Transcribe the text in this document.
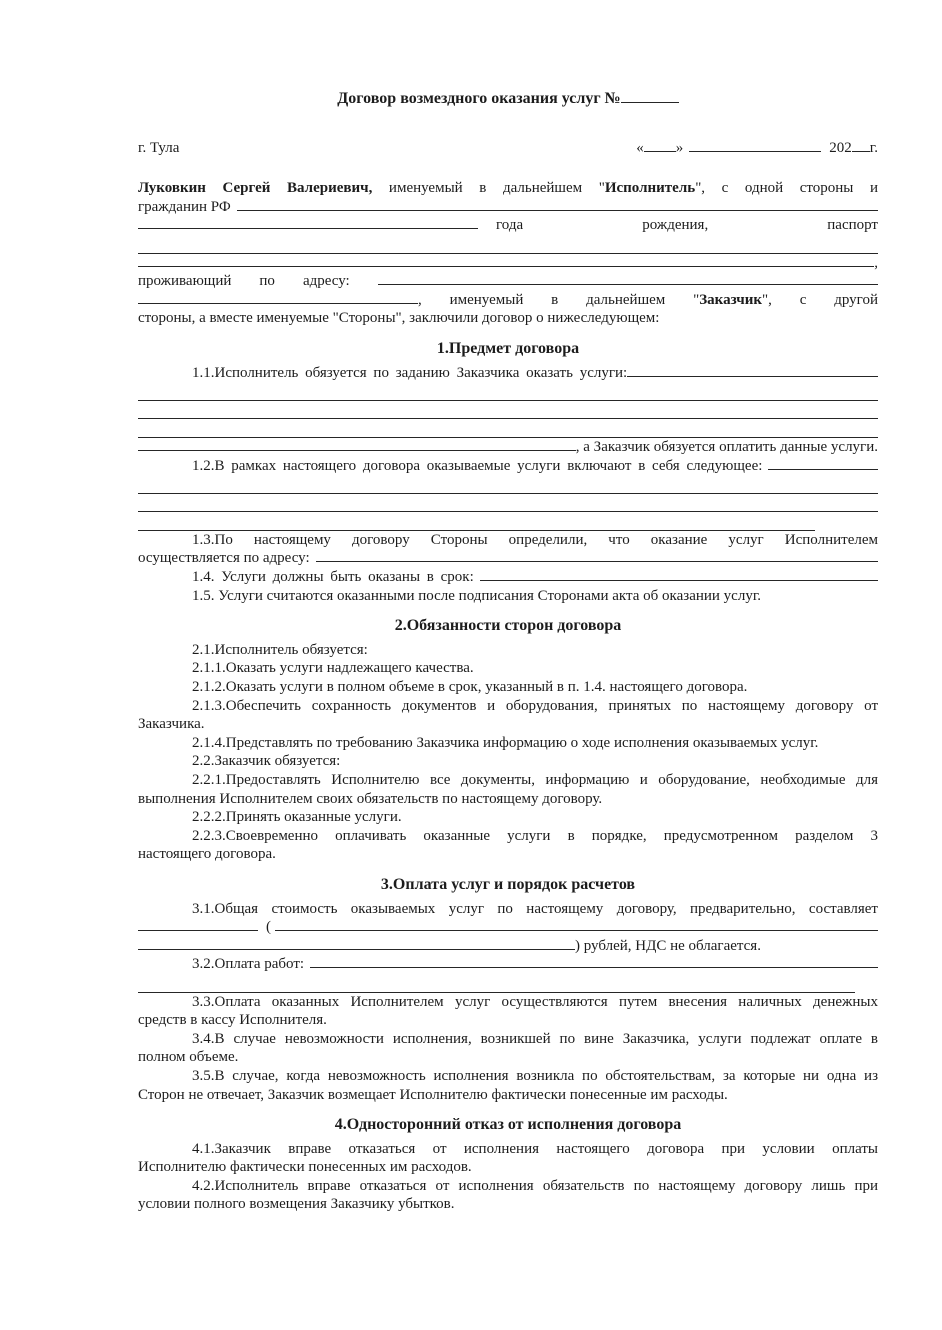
Договор возмездного оказания услуг №
г. Тула	« »	202 г.
Луковкин Сергей Валериевич, именуемый в дальнейшем "Исполнитель", с одной стороны и
гражданин РФ
года рождения, паспорт
,
проживающий по адресу:
, именуемый в дальнейшем "Заказчик", с другой
стороны, а вместе именуемые "Стороны", заключили договор о нижеследующем:
1.Предмет договора
1.1.Исполнитель обязуется по заданию Заказчика оказать услуги:
, а Заказчик обязуется оплатить данные услуги.
1.2.В рамках настоящего договора оказываемые услуги включают в себя следующее:
1.3.По настоящему договору Стороны определили, что оказание услуг Исполнителем
осуществляется по адресу:
1.4. Услуги должны быть оказаны в срок:
1.5. Услуги считаются оказанными после подписания Сторонами акта об оказании услуг.
2.Обязанности сторон договора
2.1.Исполнитель обязуется:
2.1.1.Оказать услуги надлежащего качества.
2.1.2.Оказать услуги в полном объеме в срок, указанный в п. 1.4. настоящего договора.
2.1.3.Обеспечить сохранность документов и оборудования, принятых по настоящему договору от
Заказчика.
2.1.4.Представлять по требованию Заказчика информацию о ходе исполнения оказываемых услуг.
2.2.Заказчик обязуется:
2.2.1.Предоставлять Исполнителю все документы, информацию и оборудование, необходимые для
выполнения Исполнителем своих обязательств по настоящему договору.
2.2.2.Принять оказанные услуги.
2.2.3.Своевременно оплачивать оказанные услуги в порядке, предусмотренном разделом 3
настоящего договора.
3.Оплата услуг и порядок расчетов
3.1.Общая стоимость оказываемых услуг по настоящему договору, предварительно, составляет
(
) рублей, НДС не облагается.
3.2.Оплата работ:
3.3.Оплата оказанных Исполнителем услуг осуществляются путем внесения наличных денежных
средств в кассу Исполнителя.
3.4.В случае невозможности исполнения, возникшей по вине Заказчика, услуги подлежат оплате в
полном объеме.
3.5.В случае, когда невозможность исполнения возникла по обстоятельствам, за которые ни одна из
Сторон не отвечает, Заказчик возмещает Исполнителю фактически понесенные им расходы.
4.Односторонний отказ от исполнения договора
4.1.Заказчик вправе отказаться от исполнения настоящего договора при условии оплаты
Исполнителю фактически понесенных им расходов.
4.2.Исполнитель вправе отказаться от исполнения обязательств по настоящему договору лишь при
условии полного возмещения Заказчику убытков.
